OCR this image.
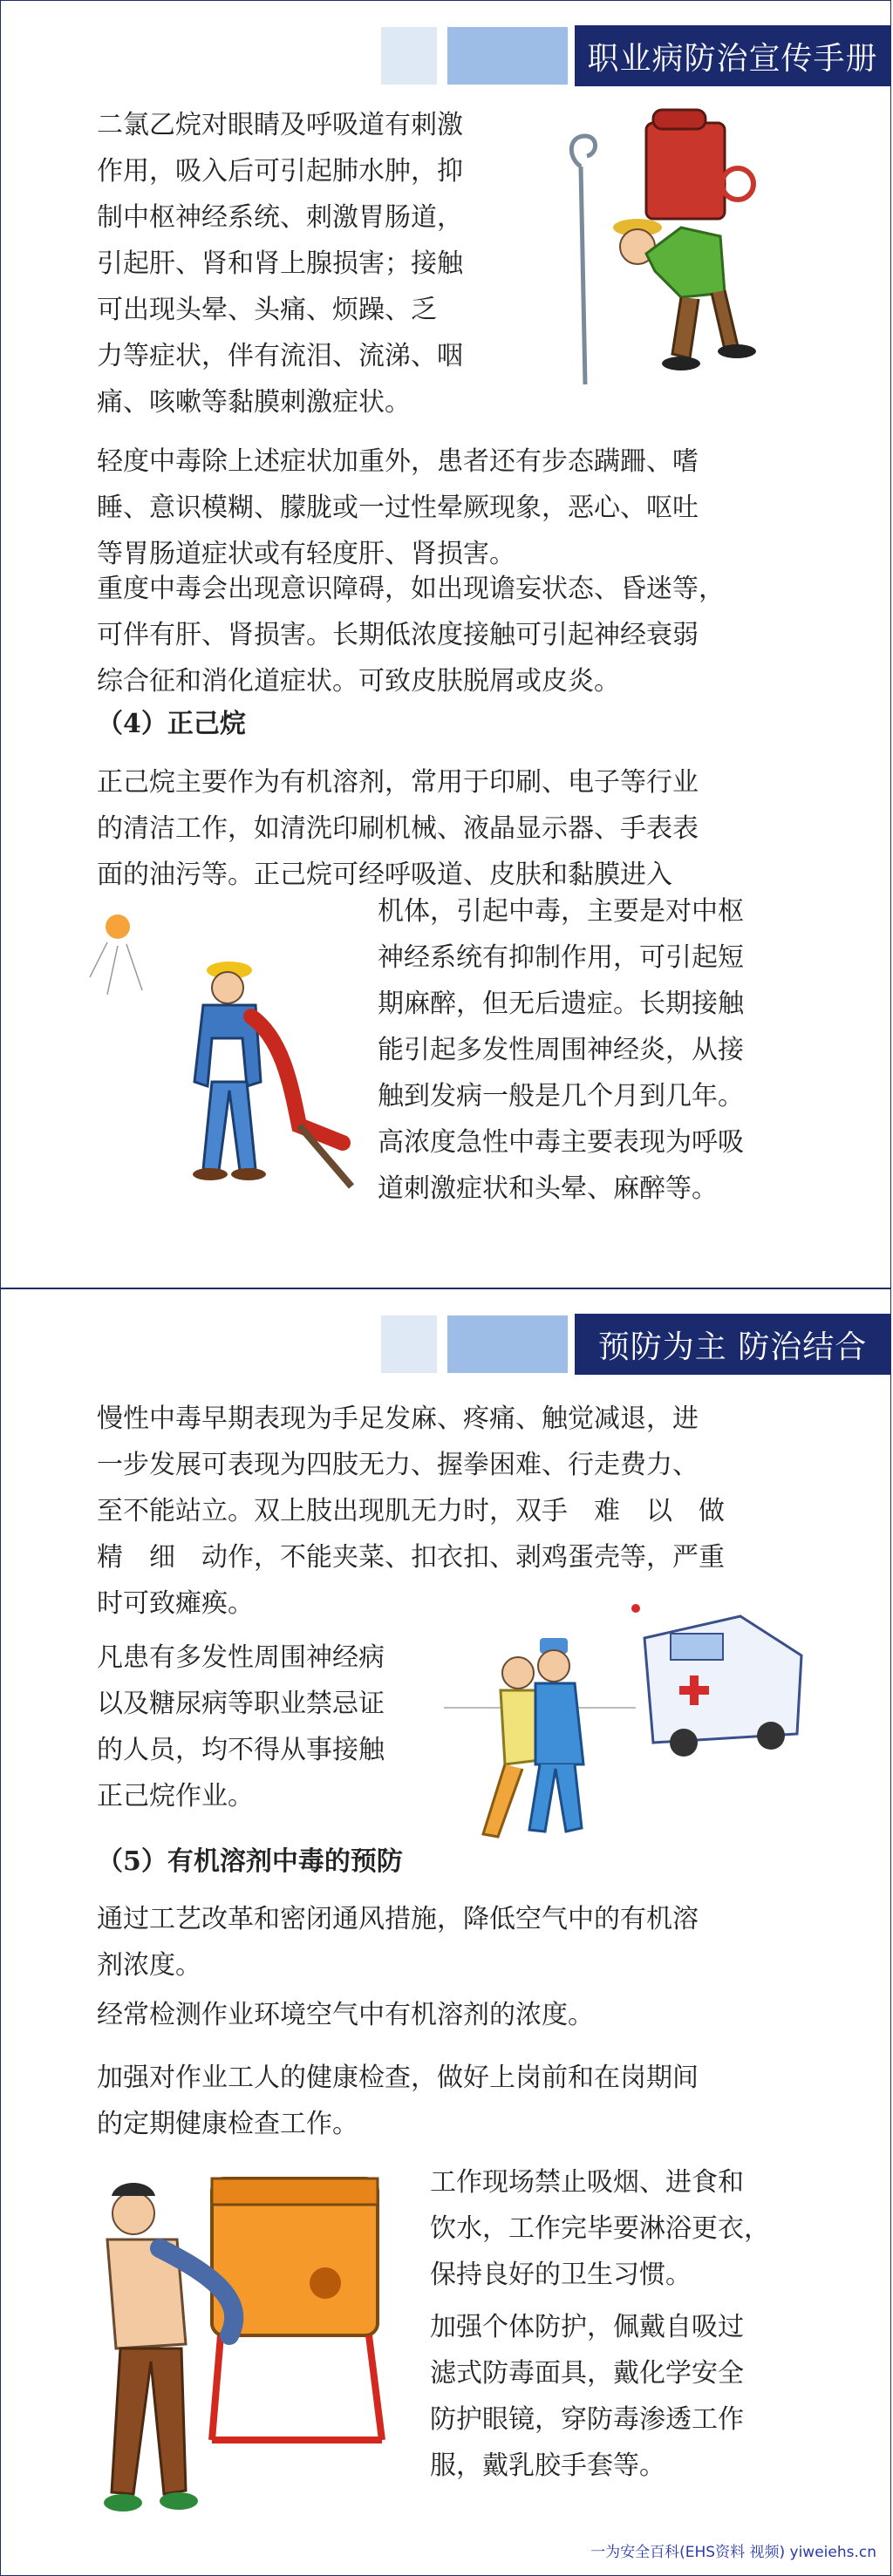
职业病防治宣传手册

二氯乙烷对眼睛及呼吸道有刺激

作用，吸入后可引起肺水肿，抑

制中枢神经系统、刺激胃肠道，

引起肝、肾和肾上腺损害；接触

可出现头晕、头痛、烦躁、乏

力等症状，伴有流泪、流涕、咽

痛、咳嗽等黏膜刺激症状。

轻度中毒除上述症状加重外，患者还有步态蹒跚、嗜

睡、意识模糊、朦胧或一过性晕厥现象，恶心、呕吐

等胃肠道症状或有轻度肝、肾损害。

重度中毒会出现意识障碍，如出现谵妄状态、昏迷等，

可伴有肝、肾损害。长期低浓度接触可引起神经衰弱

综合征和消化道症状。可致皮肤脱屑或皮炎。

（4）正己烷

正己烷主要作为有机溶剂，常用于印刷、电子等行业

的清洁工作，如清洗印刷机械、液晶显示器、手表表

面的油污等。正己烷可经呼吸道、皮肤和黏膜进入

机体，引起中毒，主要是对中枢

神经系统有抑制作用，可引起短

期麻醉，但无后遗症。长期接触

能引起多发性周围神经炎，从接

触到发病一般是几个月到几年。

高浓度急性中毒主要表现为呼吸

道刺激症状和头晕、麻醉等。

预防为主 防治结合

慢性中毒早期表现为手足发麻、疼痛、触觉减退，进

一步发展可表现为四肢无力、握拳困难、行走费力、

至不能站立。双上肢出现肌无力时，双手　难　以　做

精　细　动作，不能夹菜、扣衣扣、剥鸡蛋壳等，严重

时可致瘫痪。

凡患有多发性周围神经病

以及糖尿病等职业禁忌证

的人员，均不得从事接触

正己烷作业。

（5）有机溶剂中毒的预防

通过工艺改革和密闭通风措施，降低空气中的有机溶

剂浓度。

经常检测作业环境空气中有机溶剂的浓度。

加强对作业工人的健康检查，做好上岗前和在岗期间

的定期健康检查工作。

工作现场禁止吸烟、进食和

饮水，工作完毕要淋浴更衣，

保持良好的卫生习惯。

加强个体防护，佩戴自吸过

滤式防毒面具，戴化学安全

防护眼镜，穿防毒渗透工作

服，戴乳胶手套等。

一为安全百科(EHS资料 视频) yiweiehs.cn
